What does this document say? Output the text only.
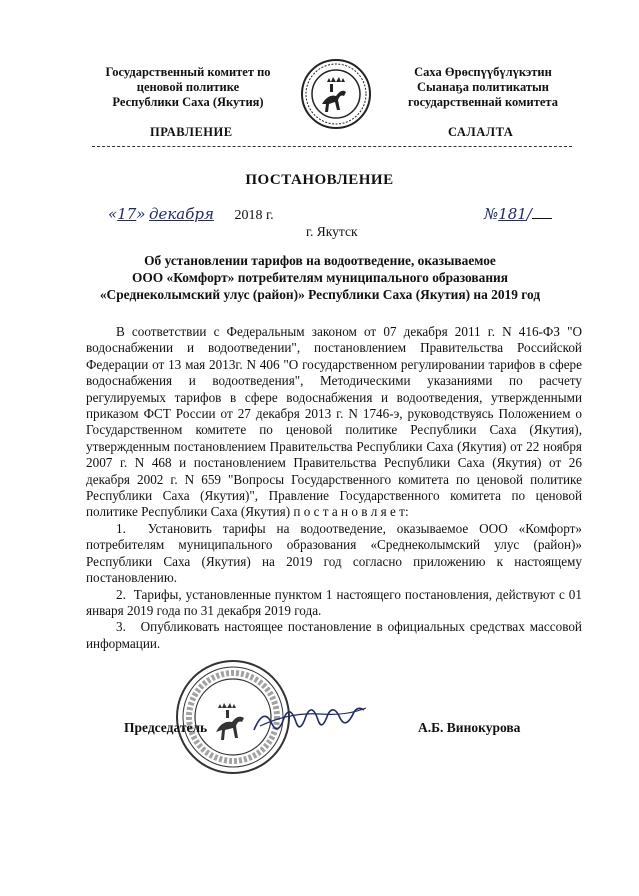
Государственный комитет по
ценовой политике
Республики Саха (Якутия)
Саха Өрөспүүбүлүкэтин
Сыанаҕа политикатын
государственнай комитета
ПРАВЛЕНИЕ	САЛАЛТА
ПОСТАНОВЛЕНИЕ
«17» декабря 2018 г.	№181/
г. Якутск
Об установлении тарифов на водоотведение, оказываемое
ООО «Комфорт» потребителям муниципального образования
«Среднеколымский улус (район)» Республики Саха (Якутия) на 2019 год

В соответствии с Федеральным законом от 07 декабря 2011 г. N 416-ФЗ "О водоснабжении и водоотведении", постановлением Правительства Российской Федерации от 13 мая 2013г. N 406 "О государственном регулировании тарифов в сфере водоснабжения и водоотведения", Методическими указаниями по расчету регулируемых тарифов в сфере водоснабжения и водоотведения, утвержденными приказом ФСТ России от 27 декабря 2013 г. N 1746-э, руководствуясь Положением о Государственном комитете по ценовой политике Республики Саха (Якутия), утвержденным постановлением Правительства Республики Саха (Якутия) от 22 ноября 2007 г. N 468 и постановлением Правительства Республики Саха (Якутия) от 26 декабря 2002 г. N 659 "Вопросы Государственного комитета по ценовой политике Республики Саха (Якутия)", Правление Государственного комитета по ценовой политике Республики Саха (Якутия) п о с т а н о в л я е т:

1.  Установить тарифы на водоотведение, оказываемое ООО «Комфорт» потребителям муниципального образования «Среднеколымский улус (район)» Республики Саха (Якутия) на 2019 год согласно приложению к настоящему постановлению.

2.  Тарифы, установленные пунктом 1 настоящего постановления, действуют с 01 января 2019 года по 31 декабря 2019 года.

3.   Опубликовать настоящее постановление в официальных средствах массовой информации.

Председатель	А.Б. Винокурова
